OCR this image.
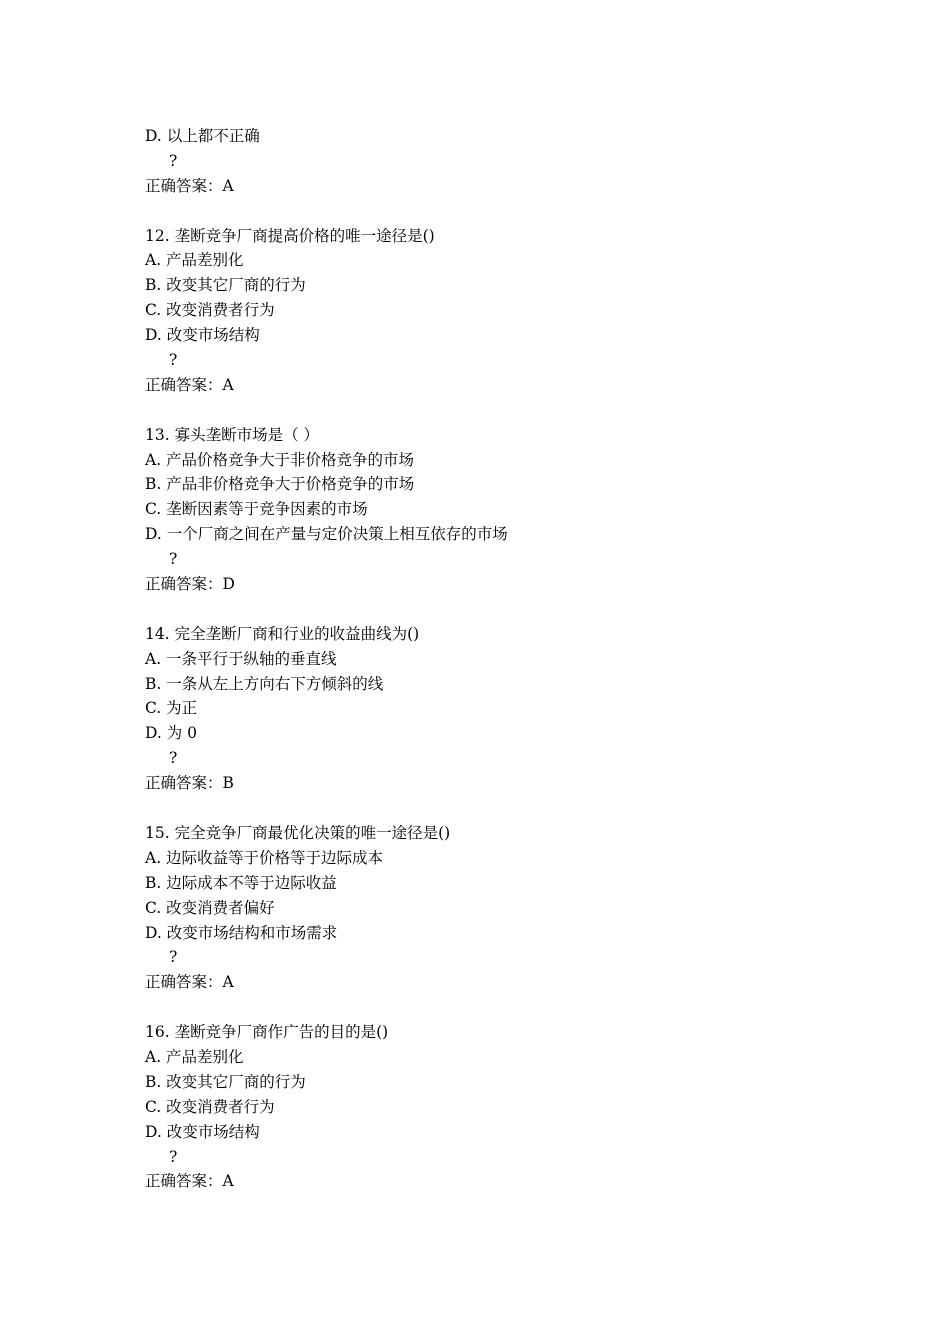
D. 以上都不正确
?
正确答案：A
12. 垄断竞争厂商提高价格的唯一途径是()
A. 产品差别化
B. 改变其它厂商的行为
C. 改变消费者行为
D. 改变市场结构
?
正确答案：A
13. 寡头垄断市场是（ ）
A. 产品价格竞争大于非价格竞争的市场
B. 产品非价格竞争大于价格竞争的市场
C. 垄断因素等于竞争因素的市场
D. 一个厂商之间在产量与定价决策上相互依存的市场
?
正确答案：D
14. 完全垄断厂商和行业的收益曲线为()
A. 一条平行于纵轴的垂直线
B. 一条从左上方向右下方倾斜的线
C. 为正
D. 为 0
?
正确答案：B
15. 完全竞争厂商最优化决策的唯一途径是()
A. 边际收益等于价格等于边际成本
B. 边际成本不等于边际收益
C. 改变消费者偏好
D. 改变市场结构和市场需求
?
正确答案：A
16. 垄断竞争厂商作广告的目的是()
A. 产品差别化
B. 改变其它厂商的行为
C. 改变消费者行为
D. 改变市场结构
?
正确答案：A
